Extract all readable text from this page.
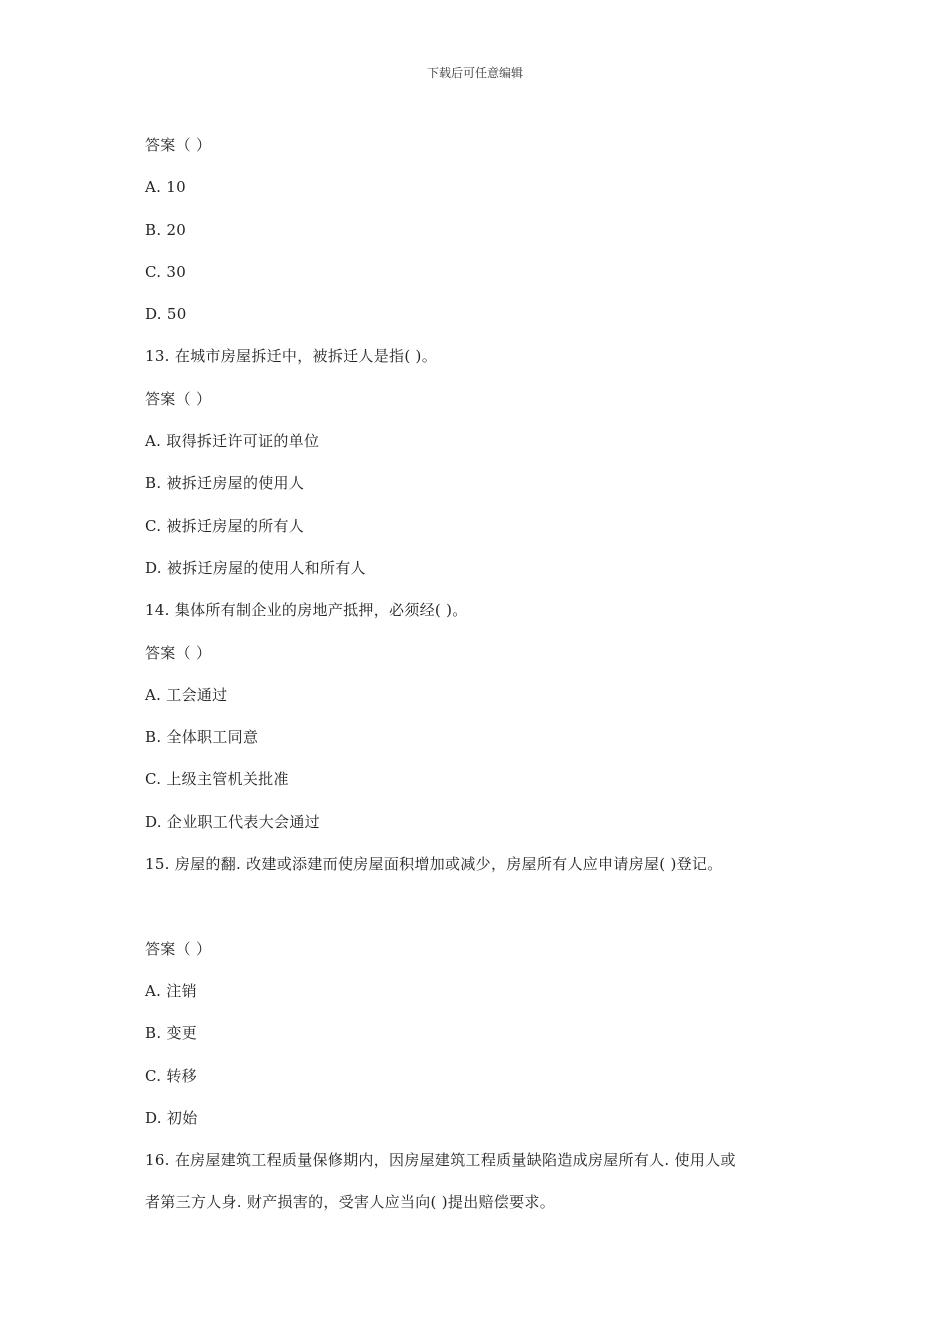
下载后可任意编辑
答案（ ）
A. 10
B. 20
C. 30
D. 50
13. 在城市房屋拆迁中，被拆迁人是指( )。
答案（ ）
A. 取得拆迁许可证的单位
B. 被拆迁房屋的使用人
C. 被拆迁房屋的所有人
D. 被拆迁房屋的使用人和所有人
14. 集体所有制企业的房地产抵押，必须经( )。
答案（ ）
A. 工会通过
B. 全体职工同意
C. 上级主管机关批准
D. 企业职工代表大会通过
15. 房屋的翻. 改建或添建而使房屋面积增加或减少，房屋所有人应申请房屋( )登记。
答案（ ）
A. 注销
B. 变更
C. 转移
D. 初始
16. 在房屋建筑工程质量保修期内，因房屋建筑工程质量缺陷造成房屋所有人. 使用人或
者第三方人身. 财产损害的，受害人应当向( )提出赔偿要求。
